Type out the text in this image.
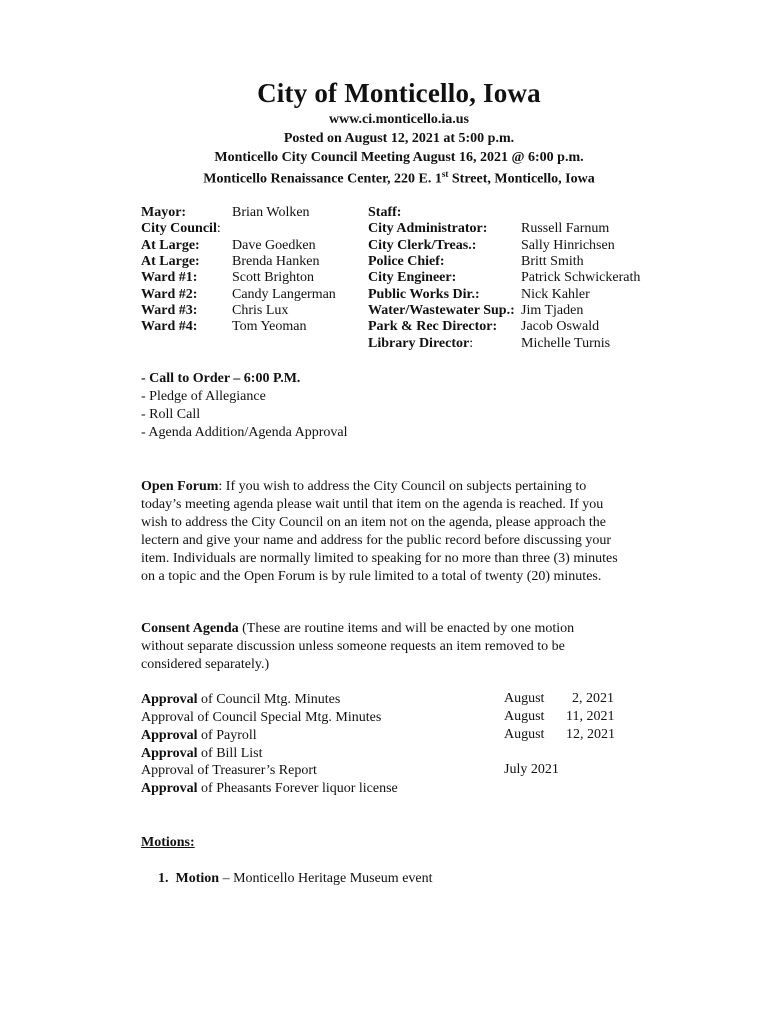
City of Monticello, Iowa
www.ci.monticello.ia.us
Posted on August 12, 2021 at 5:00 p.m.
Monticello City Council Meeting August 16, 2021 @ 6:00 p.m.
Monticello Renaissance Center, 220 E. 1st Street, Monticello, Iowa
Mayor:	Brian Wolken
City Council:
At Large: Dave Goedken
At Large: Brenda Hanken
Ward #1: Scott Brighton
Ward #2: Candy Langerman
Ward #3: Chris Lux
Ward #4: Tom Yeoman
Staff:
City Administrator: Russell Farnum
City Clerk/Treas.:	Sally Hinrichsen
Police Chief:	Britt Smith
City Engineer:	Patrick Schwickerath
Public Works Dir.:	Nick Kahler
Water/Wastewater Sup.: Jim Tjaden
Park & Rec Director: Jacob Oswald
Library Director:	Michelle Turnis
- Call to Order – 6:00 P.M.
- Pledge of Allegiance
- Roll Call
- Agenda Addition/Agenda Approval
Open Forum: If you wish to address the City Council on subjects pertaining to
today’s meeting agenda please wait until that item on the agenda is reached. If you
wish to address the City Council on an item not on the agenda, please approach the
lectern and give your name and address for the public record before discussing your
item. Individuals are normally limited to speaking for no more than three (3) minutes
on a topic and the Open Forum is by rule limited to a total of twenty (20) minutes.
Consent Agenda (These are routine items and will be enacted by one motion
without separate discussion unless someone requests an item removed to be
considered separately.)
Approval of Council Mtg. Minutes	August 2, 2021
Approval of Council Special Mtg. Minutes	August 11, 2021
Approval of Payroll	August 12, 2021
Approval of Bill List
Approval of Treasurer’s Report	July 2021
Approval of Pheasants Forever liquor license
Motions:
1. Motion – Monticello Heritage Museum event
